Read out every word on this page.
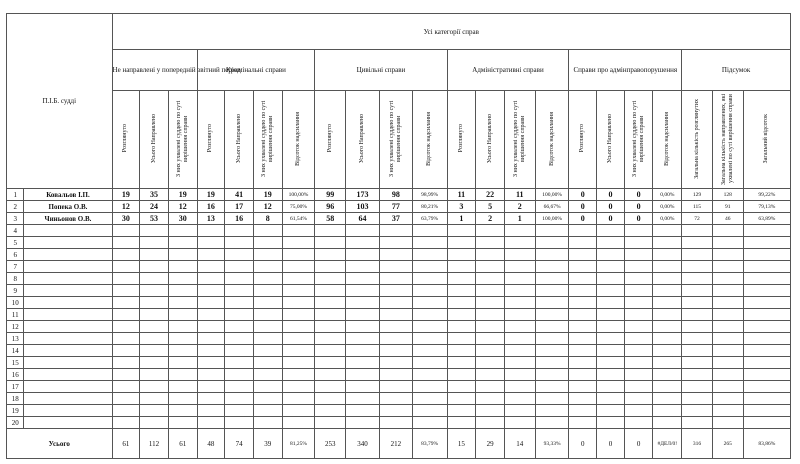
П.І.Б. судді		Усі категорії справ																					
		Не направлені у попередній звітний період			Кримінальні справи				Цивільні справи				Адміністративні справи				Справи про адмінправопорушення				Підсумок		
		Розглянуто	Усього Направлено	З них ухвалені суддею по суті вирішення справи	Розглянуто	Усього Направлено	З них ухвалені суддею по суті вирішення справи	Відсоток надсилання	Розглянуто	Усього Направлено	З них ухвалені суддею по суті вирішення справи	Відсоток надсилання	Розглянуто	Усього Направлено	З них ухвалені суддею по суті вирішення справи	Відсоток надсилання	Розглянуто	Усього Направлено	З них ухвалені суддею по суті вирішення справи	Відсоток надсилання	Загальна кількість розглянутих	Загальна кількість направлених, які ухвалені по суті вирішення справи	Загальний відсоток
1	Ковальов І.П.	19	35	19	19	41	19	100,00%	99	173	98	98,99%	11	22	11	100,00%	0	0	0	0,00%	129	128	99,22%
2	Попека О.В.	12	24	12	16	17	12	75,00%	96	103	77	80,21%	3	5	2	66,67%	0	0	0	0,00%	115	91	79,13%
3	Чиньонов О.В.	30	53	30	13	16	8	61,54%	58	64	37	63,79%	1	2	1	100,00%	0	0	0	0,00%	72	46	63,89%
4																							
5																							
6																							
7																							
8																							
9																							
10																							
11																							
12																							
13																							
14																							
15																							
16																							
17																							
18																							
19																							
20																							
Усього		61	112	61	48	74	39	81,25%	253	340	212	83,79%	15	29	14	93,33%	0	0	0	#ДЕЛ/0!	316	265	83,86%
